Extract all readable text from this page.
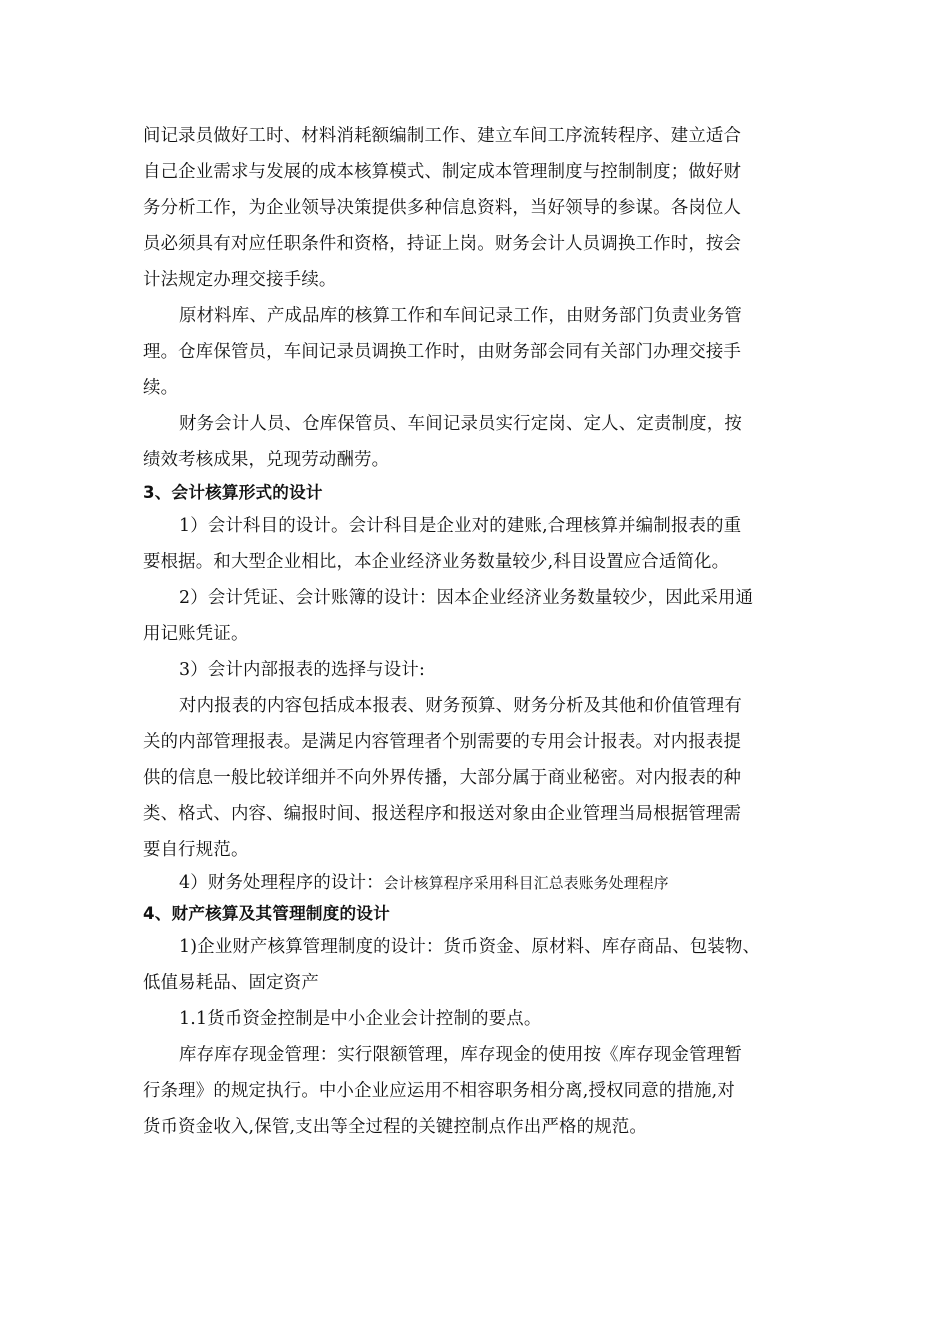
间记录员做好工时、材料消耗额编制工作、建立车间工序流转程序、建立适合
自己企业需求与发展的成本核算模式、制定成本管理制度与控制制度；做好财
务分析工作，为企业领导决策提供多种信息资料，当好领导的参谋。各岗位人
员必须具有对应任职条件和资格，持证上岗。财务会计人员调换工作时，按会
计法规定办理交接手续。
原材料库、产成品库的核算工作和车间记录工作，由财务部门负责业务管
理。仓库保管员，车间记录员调换工作时，由财务部会同有关部门办理交接手
续。
财务会计人员、仓库保管员、车间记录员实行定岗、定人、定责制度，按
绩效考核成果，兑现劳动酬劳。
3、会计核算形式的设计
1）会计科目的设计。会计科目是企业对的建账,合理核算并编制报表的重
要根据。和大型企业相比，本企业经济业务数量较少,科目设置应合适简化。
2）会计凭证、会计账簿的设计：因本企业经济业务数量较少，因此采用通
用记账凭证。
3）会计内部报表的选择与设计:
对内报表的内容包括成本报表、财务预算、财务分析及其他和价值管理有
关的内部管理报表。是满足内容管理者个别需要的专用会计报表。对内报表提
供的信息一般比较详细并不向外界传播，大部分属于商业秘密。对内报表的种
类、格式、内容、编报时间、报送程序和报送对象由企业管理当局根据管理需
要自行规范。
4）财务处理程序的设计：会计核算程序采用科目汇总表账务处理程序
4、财产核算及其管理制度的设计
1)企业财产核算管理制度的设计：货币资金、原材料、库存商品、包装物、
低值易耗品、固定资产
1.1货币资金控制是中小企业会计控制的要点。
库存库存现金管理：实行限额管理，库存现金的使用按《库存现金管理暂
行条理》的规定执行。中小企业应运用不相容职务相分离,授权同意的措施,对
货币资金收入,保管,支出等全过程的关键控制点作出严格的规范。
